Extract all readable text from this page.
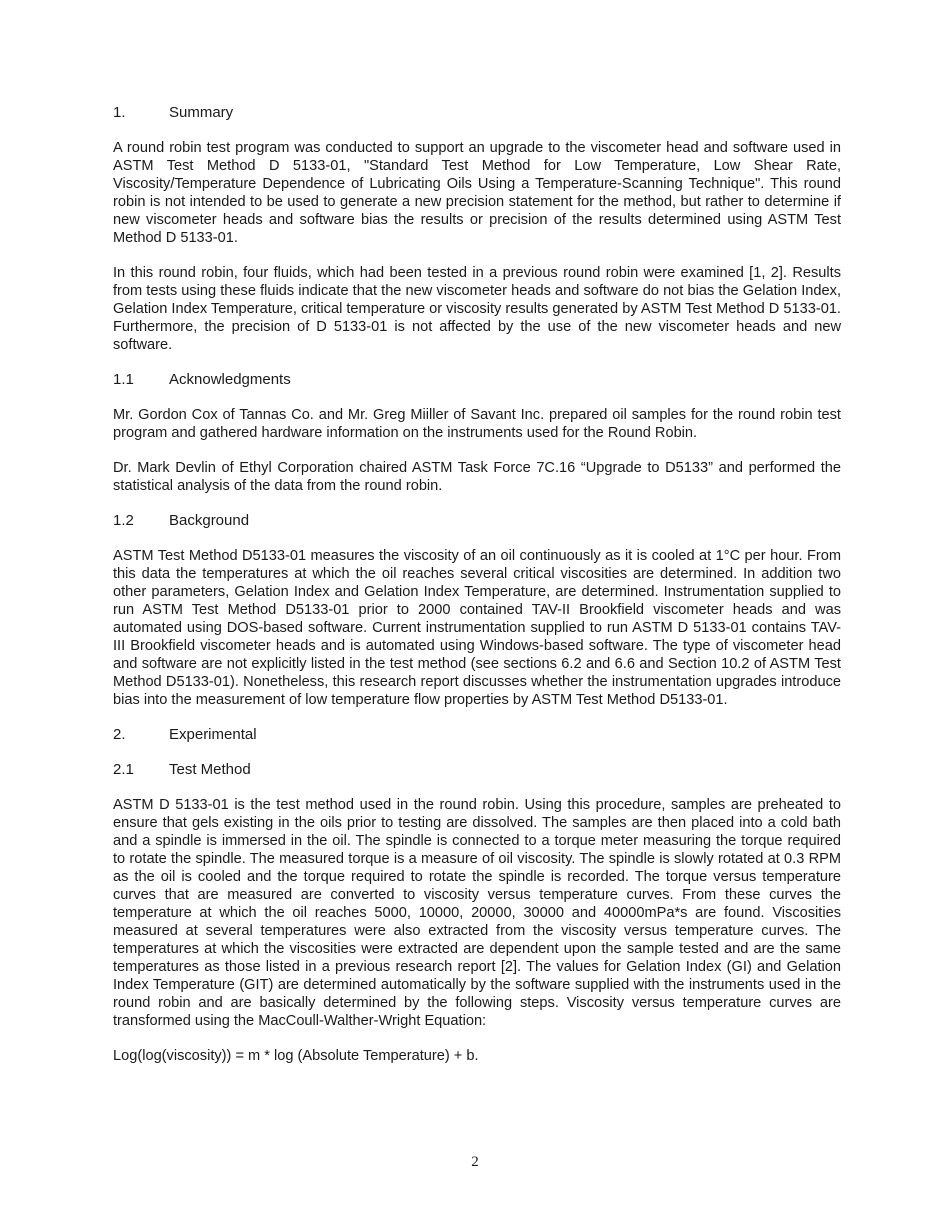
1.	Summary

A round robin test program was conducted to support an upgrade to the viscometer head and software used in ASTM Test Method D 5133-01, "Standard Test Method for Low Temperature, Low Shear Rate, Viscosity/Temperature Dependence of Lubricating Oils Using a Temperature-Scanning Technique". This round robin is not intended to be used to generate a new precision statement for the method, but rather to determine if new viscometer heads and software bias the results or precision of the results determined using ASTM Test Method D 5133-01.

In this round robin, four fluids, which had been tested in a previous round robin were examined [1, 2]. Results from tests using these fluids indicate that the new viscometer heads and software do not bias the Gelation Index, Gelation Index Temperature, critical temperature or viscosity results generated by ASTM Test Method D 5133-01. Furthermore, the precision of D 5133-01 is not affected by the use of the new viscometer heads and new software.

1.1	Acknowledgments

Mr. Gordon Cox of Tannas Co. and Mr. Greg Miiller of Savant Inc. prepared oil samples for the round robin test program and gathered hardware information on the instruments used for the Round Robin.

Dr. Mark Devlin of Ethyl Corporation chaired ASTM Task Force 7C.16 “Upgrade to D5133” and performed the statistical analysis of the data from the round robin.

1.2	Background

ASTM Test Method D5133-01 measures the viscosity of an oil continuously as it is cooled at 1°C per hour. From this data the temperatures at which the oil reaches several critical viscosities are determined. In addition two other parameters, Gelation Index and Gelation Index Temperature, are determined. Instrumentation supplied to run ASTM Test Method D5133-01 prior to 2000 contained TAV-II Brookfield viscometer heads and was automated using DOS-based software. Current instrumentation supplied to run ASTM D 5133-01 contains TAV-III Brookfield viscometer heads and is automated using Windows-based software. The type of viscometer head and software are not explicitly listed in the test method (see sections 6.2 and 6.6 and Section 10.2 of ASTM Test Method D5133-01). Nonetheless, this research report discusses whether the instrumentation upgrades introduce bias into the measurement of low temperature flow properties by ASTM Test Method D5133-01.

2.	Experimental
2.1	Test Method

ASTM D 5133-01 is the test method used in the round robin. Using this procedure, samples are preheated to ensure that gels existing in the oils prior to testing are dissolved. The samples are then placed into a cold bath and a spindle is immersed in the oil. The spindle is connected to a torque meter measuring the torque required to rotate the spindle. The measured torque is a measure of oil viscosity. The spindle is slowly rotated at 0.3 RPM as the oil is cooled and the torque required to rotate the spindle is recorded. The torque versus temperature curves that are measured are converted to viscosity versus temperature curves. From these curves the temperature at which the oil reaches 5000, 10000, 20000, 30000 and 40000mPa*s are found. Viscosities measured at several temperatures were also extracted from the viscosity versus temperature curves. The temperatures at which the viscosities were extracted are dependent upon the sample tested and are the same temperatures as those listed in a previous research report [2]. The values for Gelation Index (GI) and Gelation Index Temperature (GIT) are determined automatically by the software supplied with the instruments used in the round robin and are basically determined by the following steps. Viscosity versus temperature curves are transformed using the MacCoull-Walther-Wright Equation:

Log(log(viscosity)) = m * log (Absolute Temperature) + b.

2
